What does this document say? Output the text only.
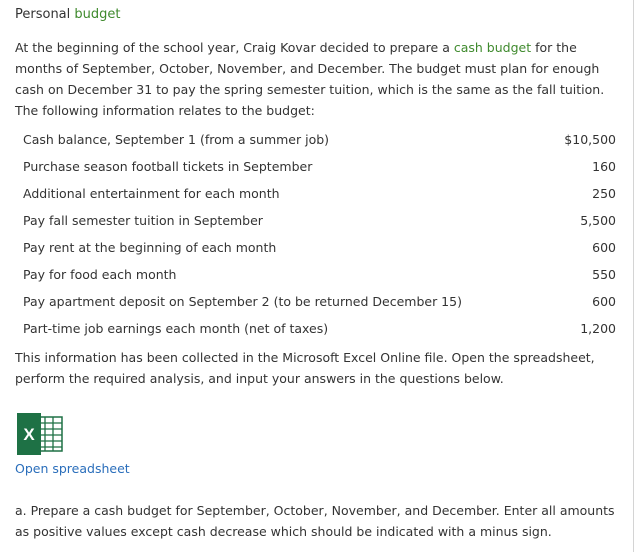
Personal budget
At the beginning of the school year, Craig Kovar decided to prepare a cash budget for the months of September, October, November, and December. The budget must plan for enough cash on December 31 to pay the spring semester tuition, which is the same as the fall tuition. The following information relates to the budget:
Cash balance, September 1 (from a summer job)	$10,500
Purchase season football tickets in September	160
Additional entertainment for each month	250
Pay fall semester tuition in September	5,500
Pay rent at the beginning of each month	600
Pay for food each month	550
Pay apartment deposit on September 2 (to be returned December 15)	600
Part-time job earnings each month (net of taxes)	1,200
This information has been collected in the Microsoft Excel Online file. Open the spreadsheet, perform the required analysis, and input your answers in the questions below.
X
Open spreadsheet
a. Prepare a cash budget for September, October, November, and December. Enter all amounts as positive values except cash decrease which should be indicated with a minus sign.
